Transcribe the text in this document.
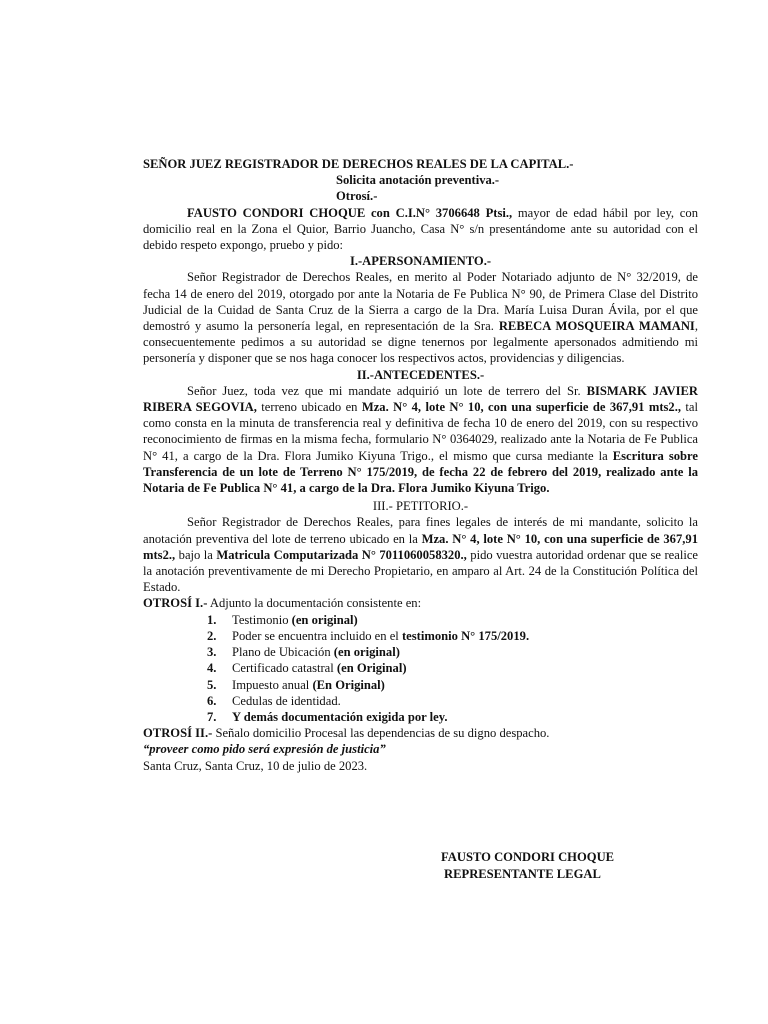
SEÑOR JUEZ REGISTRADOR DE DERECHOS REALES DE LA CAPITAL.-

Solicita anotación preventiva.-

Otrosí.-

FAUSTO CONDORI CHOQUE con C.I.N° 3706648 Ptsi., mayor de edad hábil por ley, con domicilio real en la Zona el Quior, Barrio Juancho, Casa N° s/n presentándome ante su autoridad con el debido respeto expongo, pruebo y pido:

I.-APERSONAMIENTO.-

Señor Registrador de Derechos Reales, en merito al Poder Notariado adjunto de N° 32/2019, de fecha 14 de enero del 2019, otorgado por ante la Notaria de Fe Publica N° 90, de Primera Clase del Distrito Judicial de la Cuidad de Santa Cruz de la Sierra a cargo de la Dra. María Luisa Duran Ávila, por el que demostró y asumo la personería legal, en representación de la Sra. REBECA MOSQUEIRA MAMANI, consecuentemente pedimos a su autoridad se digne tenernos por legalmente apersonados admitiendo mi personería y disponer que se nos haga conocer los respectivos actos, providencias y diligencias.

II.-ANTECEDENTES.-

Señor Juez, toda vez que mi mandate adquirió un lote de terrero del Sr. BISMARK JAVIER RIBERA SEGOVIA, terreno ubicado en Mza. N° 4, lote N° 10, con una superficie de 367,91 mts2., tal como consta en la minuta de transferencia real y definitiva de fecha 10 de enero del 2019, con su respectivo reconocimiento de firmas en la misma fecha, formulario N° 0364029, realizado ante la Notaria de Fe Publica N° 41, a cargo de la Dra. Flora Jumiko Kiyuna Trigo., el mismo que cursa mediante la Escritura sobre Transferencia de un lote de Terreno N° 175/2019, de fecha 22 de febrero del 2019, realizado ante la Notaria de Fe Publica N° 41, a cargo de la Dra. Flora Jumiko Kiyuna Trigo.

III.- PETITORIO.-

Señor Registrador de Derechos Reales, para fines legales de interés de mi mandante, solicito la anotación preventiva del lote de terreno ubicado en la Mza. N° 4, lote N° 10, con una superficie de 367,91 mts2., bajo la Matricula Computarizada N° 7011060058320., pido vuestra autoridad ordenar que se realice la anotación preventivamente de mi Derecho Propietario, en amparo al Art. 24 de la Constitución Política del Estado.

OTROSÍ I.- Adjunto la documentación consistente en:

1. Testimonio (en original)
2. Poder se encuentra incluido en el testimonio N° 175/2019.
3. Plano de Ubicación (en original)
4. Certificado catastral (en Original)
5. Impuesto anual (En Original)
6. Cedulas de identidad.
7. Y demás documentación exigida por ley.

OTROSÍ II.- Señalo domicilio Procesal las dependencias de su digno despacho.

“proveer como pido será expresión de justicia”

Santa Cruz, Santa Cruz, 10 de julio de 2023.

FAUSTO CONDORI CHOQUE
REPRESENTANTE LEGAL
